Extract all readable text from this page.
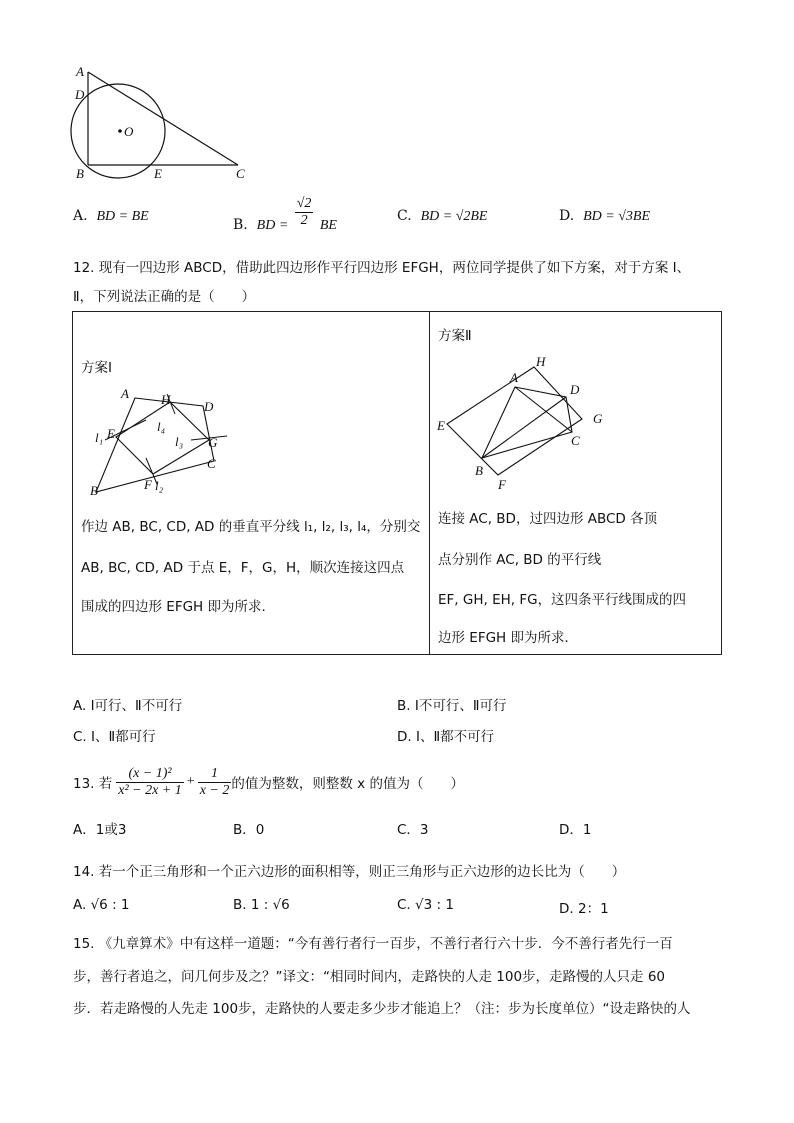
A
D
O
B	E	C
A. BD = BE	B. BD = $\frac{√2}{2}$ BE
C. BD = √2BE	D. BD = √3BE
12. 现有一四边形 ABCD，借助此四边形作平行四边形 EFGH，两位同学提供了如下方案，对于方案 Ⅰ、
Ⅱ，下列说法正确的是（　　）
方案Ⅰ
A H	D
l₁ E	l₄
l₃ G
C
B	F l₂
作边 AB, BC, CD, AD 的垂直平分线 l₁, l₂, l₃, l₄，分别交
AB, BC, CD, AD 于点 E，F，G，H，顺次连接这四点
围成的四边形 EFGH 即为所求．

方案Ⅱ
H
A
D
G
E
C
B
F
连接 AC, BD，过四边形 ABCD 各顶
点分别作 AC, BD 的平行线
EF, GH, EH, FG，这四条平行线围成的四
边形 EFGH 即为所求．
A. Ⅰ可行、Ⅱ不可行	B. Ⅰ不可行、Ⅱ可行
C. Ⅰ、Ⅱ都可行	D. Ⅰ、Ⅱ都不可行
13. 若 $\frac{\text{(x − 1)²}}{\text{x² − 2x + 1}} + \frac{1}{x - 2}$ 的值为整数，则整数 x 的值为（　　）
A．1或3	B．0	C．3	D．1
14. 若一个正三角形和一个正六边形的面积相等，则正三角形与正六边形的边长比为（　　）
A. √6 : 1	B. 1 : √6	C. √3 : 1	D. 2：1
15. 《九章算术》中有这样一道题：“今有善行者行一百步，不善行者行六十步．今不善行者先行一百
步，善行者追之，问几何步及之？”译文：“相同时间内，走路快的人走 100步，走路慢的人只走 60
步．若走路慢的人先走 100步，走路快的人要走多少步才能追上？（注：步为长度单位）“设走路快的人
